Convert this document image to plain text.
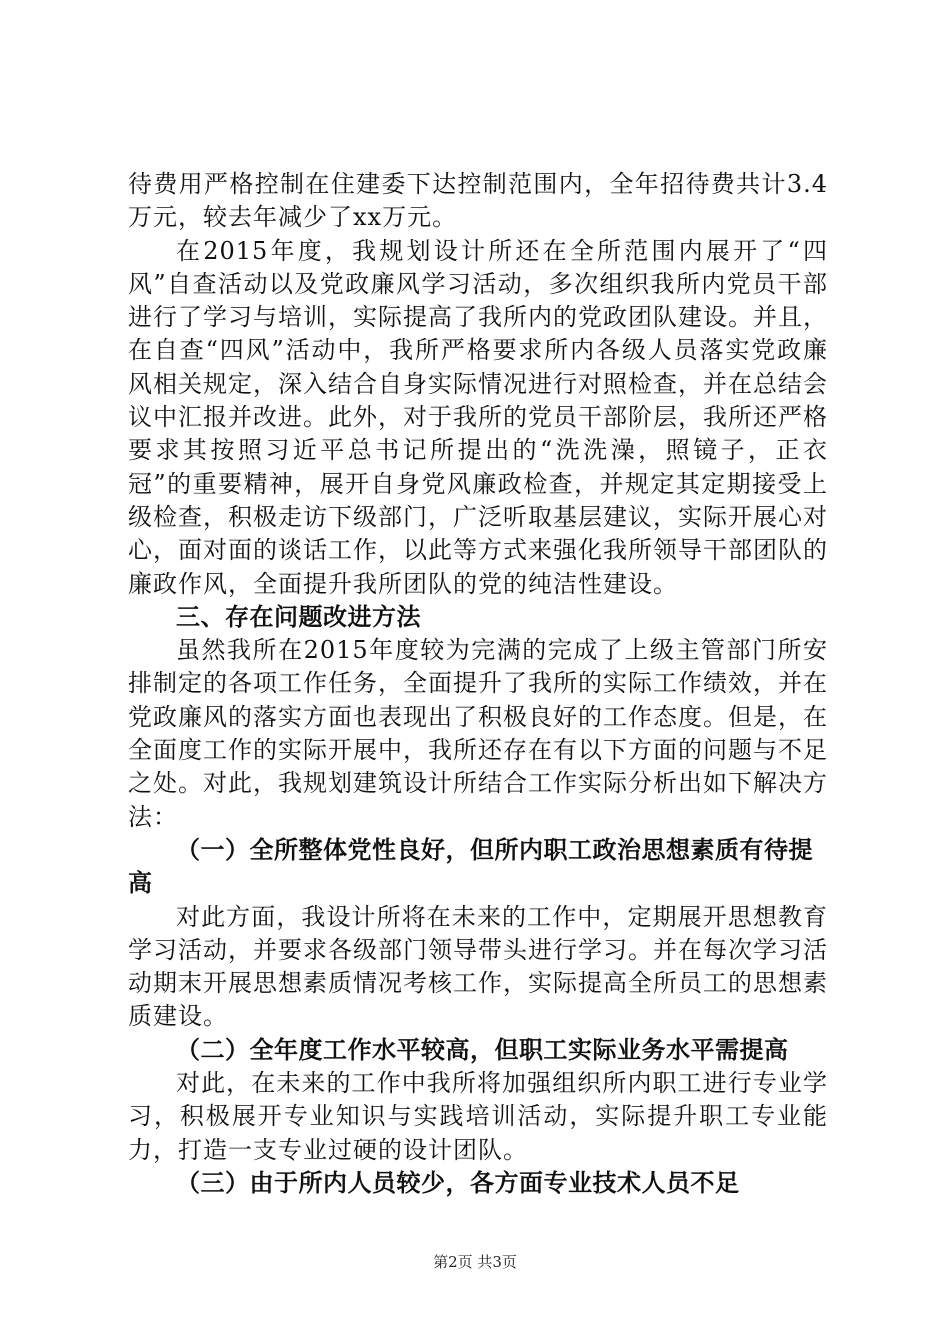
待费用严格控制在住建委下达控制范围内，全年招待费共计3.4万元，较去年减少了xx万元。

在2015年度，我规划设计所还在全所范围内展开了“四风”自查活动以及党政廉风学习活动，多次组织我所内党员干部进行了学习与培训，实际提高了我所内的党政团队建设。并且，在自查“四风”活动中，我所严格要求所内各级人员落实党政廉风相关规定，深入结合自身实际情况进行对照检查，并在总结会议中汇报并改进。此外，对于我所的党员干部阶层，我所还严格要求其按照习近平总书记所提出的“洗洗澡，照镜子，正衣冠”的重要精神，展开自身党风廉政检查，并规定其定期接受上级检查，积极走访下级部门，广泛听取基层建议，实际开展心对心，面对面的谈话工作，以此等方式来强化我所领导干部团队的廉政作风，全面提升我所团队的党的纯洁性建设。

三、存在问题改进方法

虽然我所在2015年度较为完满的完成了上级主管部门所安排制定的各项工作任务，全面提升了我所的实际工作绩效，并在党政廉风的落实方面也表现出了积极良好的工作态度。但是，在全面度工作的实际开展中，我所还存在有以下方面的问题与不足之处。对此，我规划建筑设计所结合工作实际分析出如下解决方法：

（一）全所整体党性良好，但所内职工政治思想素质有待提高

对此方面，我设计所将在未来的工作中，定期展开思想教育学习活动，并要求各级部门领导带头进行学习。并在每次学习活动期末开展思想素质情况考核工作，实际提高全所员工的思想素质建设。

（二）全年度工作水平较高，但职工实际业务水平需提高

对此，在未来的工作中我所将加强组织所内职工进行专业学习，积极展开专业知识与实践培训活动，实际提升职工专业能力，打造一支专业过硬的设计团队。

（三）由于所内人员较少，各方面专业技术人员不足

第2页 共3页
